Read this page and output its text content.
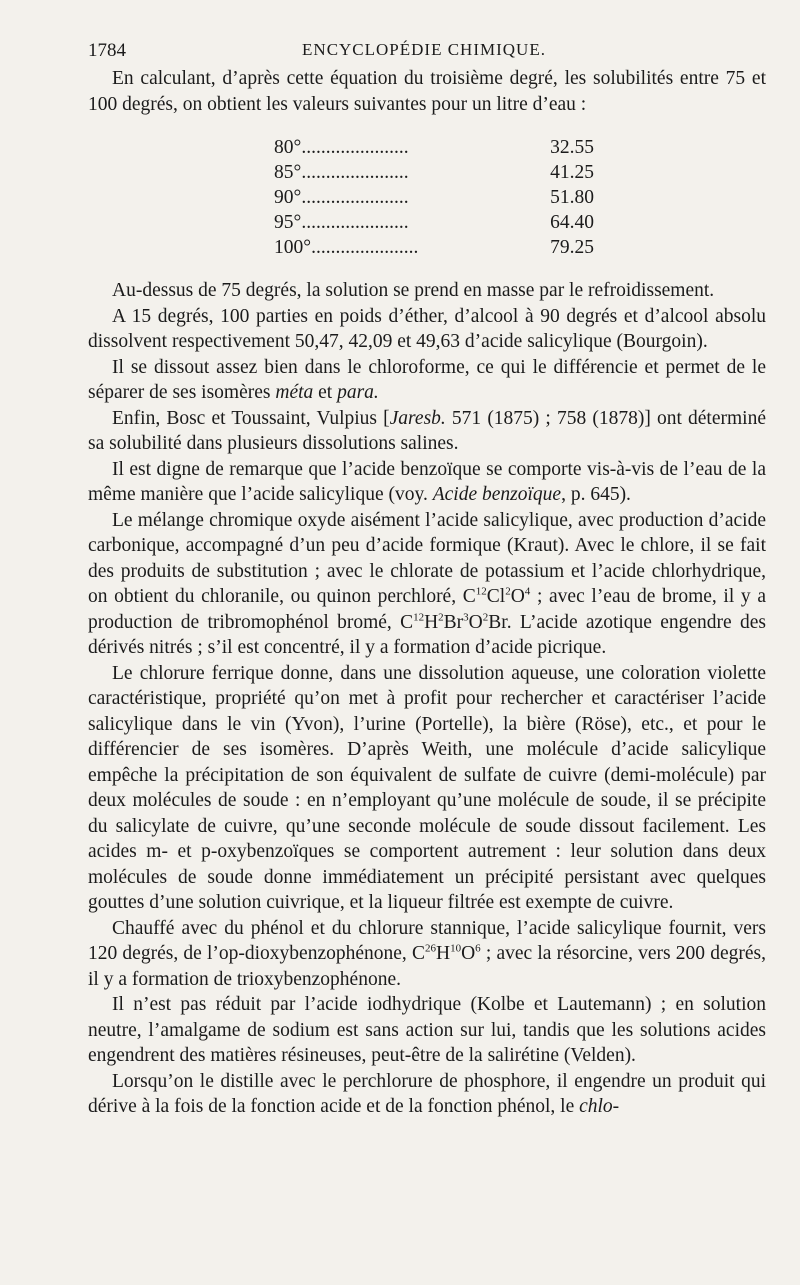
1784	ENCYCLOPÉDIE CHIMIQUE.

En calculant, d’après cette équation du troisième degré, les solubilités entre 75 et 100 degrés, on obtient les valeurs suivantes pour un litre d’eau :

80°......................	32.55
85°......................	41.25
90°......................	51.80
95°......................	64.40
100°......................	79.25

Au-dessus de 75 degrés, la solution se prend en masse par le refroidissement.

A 15 degrés, 100 parties en poids d’éther, d’alcool à 90 degrés et d’alcool absolu dissolvent respectivement 50,47, 42,09 et 49,63 d’acide salicylique (Bourgoin).

Il se dissout assez bien dans le chloroforme, ce qui le différencie et permet de le séparer de ses isomères méta et para.

Enfin, Bosc et Toussaint, Vulpius [Jaresb. 571 (1875) ; 758 (1878)] ont déterminé sa solubilité dans plusieurs dissolutions salines.

Il est digne de remarque que l’acide benzoïque se comporte vis-à-vis de l’eau de la même manière que l’acide salicylique (voy. Acide benzoïque, p. 645).

Le mélange chromique oxyde aisément l’acide salicylique, avec production d’acide carbonique, accompagné d’un peu d’acide formique (Kraut). Avec le chlore, il se fait des produits de substitution ; avec le chlorate de potassium et l’acide chlorhydrique, on obtient du chloranile, ou quinon perchloré, $C^{12}Cl^2O^4$ ; avec l’eau de brome, il y a production de tribromophénol bromé, $C^{12}H^2Br^3O^2Br$. L’acide azotique engendre des dérivés nitrés ; s’il est concentré, il y a formation d’acide picrique.

Le chlorure ferrique donne, dans une dissolution aqueuse, une coloration violette caractéristique, propriété qu’on met à profit pour rechercher et caractériser l’acide salicylique dans le vin (Yvon), l’urine (Portelle), la bière (Röse), etc., et pour le différencier de ses isomères. D’après Weith, une molécule d’acide salicylique empêche la précipitation de son équivalent de sulfate de cuivre (demi-molécule) par deux molécules de soude : en n’employant qu’une molécule de soude, il se précipite du salicylate de cuivre, qu’une seconde molécule de soude dissout facilement. Les acides m- et p-oxybenzoïques se comportent autrement : leur solution dans deux molécules de soude donne immédiatement un précipité persistant avec quelques gouttes d’une solution cuivrique, et la liqueur filtrée est exempte de cuivre.

Chauffé avec du phénol et du chlorure stannique, l’acide salicylique fournit, vers 120 degrés, de l’op-dioxybenzophénone, $C^{26}H^{10}O^6$ ; avec la résorcine, vers 200 degrés, il y a formation de trioxybenzophénone.

Il n’est pas réduit par l’acide iodhydrique (Kolbe et Lautemann) ; en solution neutre, l’amalgame de sodium est sans action sur lui, tandis que les solutions acides engendrent des matières résineuses, peut-être de la salirétine (Velden).

Lorsqu’on le distille avec le perchlorure de phosphore, il engendre un produit qui dérive à la fois de la fonction acide et de la fonction phénol, le chlo-
